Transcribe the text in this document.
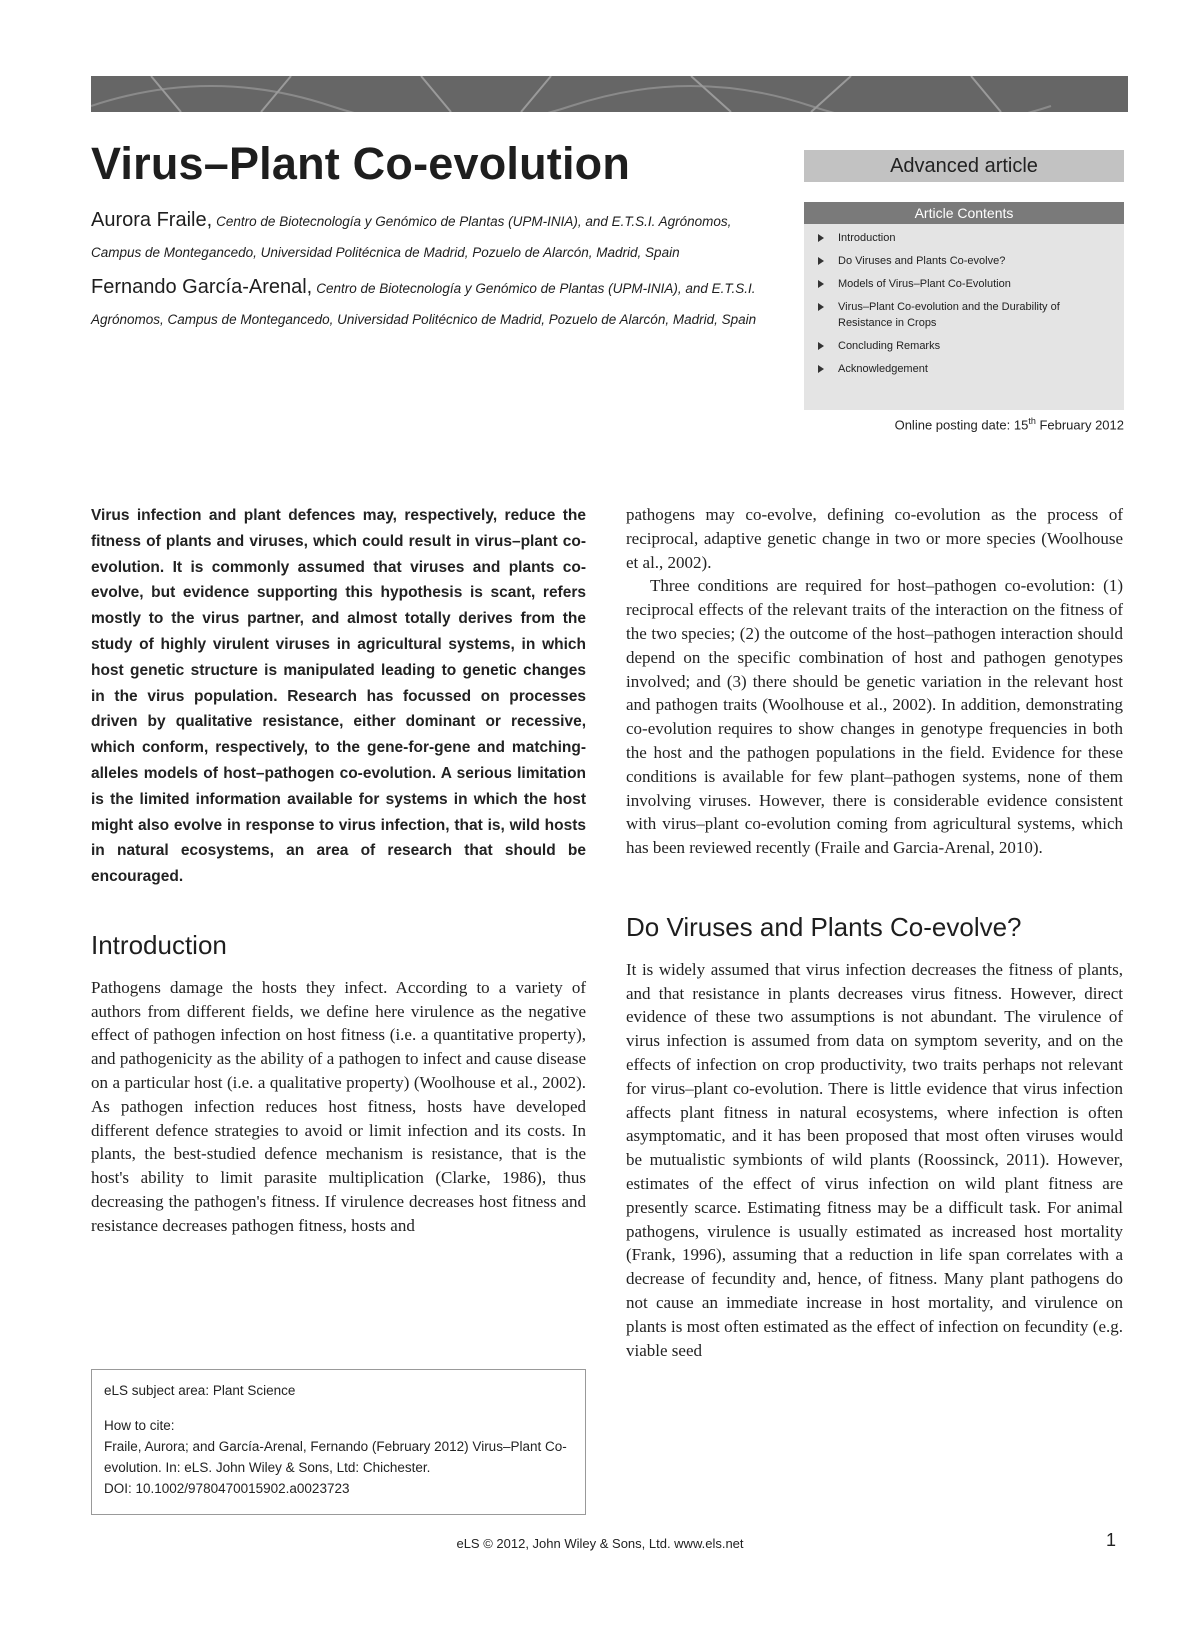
Virus–Plant Co-evolution

Aurora Fraile, Centro de Biotecnología y Genómico de Plantas (UPM-INIA), and E.T.S.I. Agrónomos, Campus de Montegancedo, Universidad Politécnica de Madrid, Pozuelo de Alarcón, Madrid, Spain

Fernando García-Arenal, Centro de Biotecnología y Genómico de Plantas (UPM-INIA), and E.T.S.I. Agrónomos, Campus de Montegancedo, Universidad Politécnico de Madrid, Pozuelo de Alarcón, Madrid, Spain

Advanced article
Article Contents
Introduction
Do Viruses and Plants Co-evolve?
Models of Virus–Plant Co-Evolution
Virus–Plant Co-evolution and the Durability of Resistance in Crops
Concluding Remarks
Acknowledgement
Online posting date: 15th February 2012

Virus infection and plant defences may, respectively, reduce the fitness of plants and viruses, which could result in virus–plant co-evolution. It is commonly assumed that viruses and plants co-evolve, but evidence supporting this hypothesis is scant, refers mostly to the virus partner, and almost totally derives from the study of highly virulent viruses in agricultural systems, in which host genetic structure is manipulated leading to genetic changes in the virus population. Research has focussed on processes driven by qualitative resistance, either dominant or recessive, which conform, respectively, to the gene-for-gene and matching-alleles models of host–pathogen co-evolution. A serious limitation is the limited information available for systems in which the host might also evolve in response to virus infection, that is, wild hosts in natural ecosystems, an area of research that should be encouraged.

Introduction

Pathogens damage the hosts they infect. According to a variety of authors from different fields, we define here virulence as the negative effect of pathogen infection on host fitness (i.e. a quantitative property), and pathogenicity as the ability of a pathogen to infect and cause disease on a particular host (i.e. a qualitative property) (Woolhouse et al., 2002). As pathogen infection reduces host fitness, hosts have developed different defence strategies to avoid or limit infection and its costs. In plants, the best-studied defence mechanism is resistance, that is the host's ability to limit parasite multiplication (Clarke, 1986), thus decreasing the pathogen's fitness. If virulence decreases host fitness and resistance decreases pathogen fitness, hosts and

pathogens may co-evolve, defining co-evolution as the process of reciprocal, adaptive genetic change in two or more species (Woolhouse et al., 2002).

Three conditions are required for host–pathogen co-evolution: (1) reciprocal effects of the relevant traits of the interaction on the fitness of the two species; (2) the outcome of the host–pathogen interaction should depend on the specific combination of host and pathogen genotypes involved; and (3) there should be genetic variation in the relevant host and pathogen traits (Woolhouse et al., 2002). In addition, demonstrating co-evolution requires to show changes in genotype frequencies in both the host and the pathogen populations in the field. Evidence for these conditions is available for few plant–pathogen systems, none of them involving viruses. However, there is considerable evidence consistent with virus–plant co-evolution coming from agricultural systems, which has been reviewed recently (Fraile and Garcia-Arenal, 2010).

Do Viruses and Plants Co-evolve?

It is widely assumed that virus infection decreases the fitness of plants, and that resistance in plants decreases virus fitness. However, direct evidence of these two assumptions is not abundant. The virulence of virus infection is assumed from data on symptom severity, and on the effects of infection on crop productivity, two traits perhaps not relevant for virus–plant co-evolution. There is little evidence that virus infection affects plant fitness in natural ecosystems, where infection is often asymptomatic, and it has been proposed that most often viruses would be mutualistic symbionts of wild plants (Roossinck, 2011). However, estimates of the effect of virus infection on wild plant fitness are presently scarce. Estimating fitness may be a difficult task. For animal pathogens, virulence is usually estimated as increased host mortality (Frank, 1996), assuming that a reduction in life span correlates with a decrease of fecundity and, hence, of fitness. Many plant pathogens do not cause an immediate increase in host mortality, and virulence on plants is most often estimated as the effect of infection on fecundity (e.g. viable seed

eLS subject area: Plant Science

How to cite:

Fraile, Aurora; and García-Arenal, Fernando (February 2012) Virus–Plant Co-evolution. In: eLS. John Wiley & Sons, Ltd: Chichester.

DOI: 10.1002/9780470015902.a0023723

eLS © 2012, John Wiley & Sons, Ltd. www.els.net	1
